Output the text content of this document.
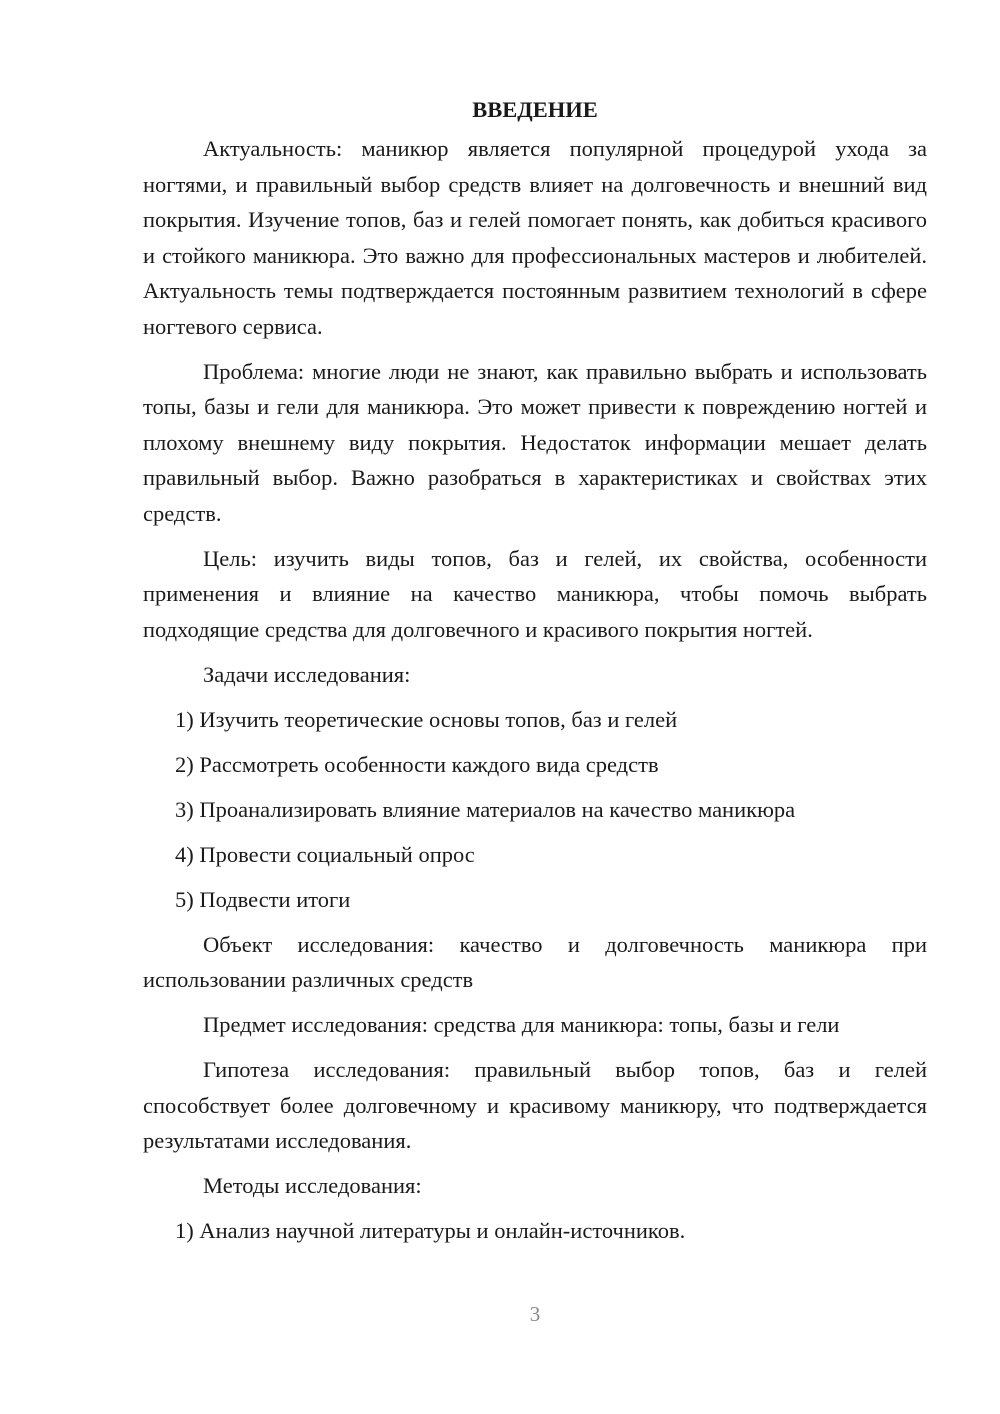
ВВЕДЕНИЕ

Актуальность: маникюр является популярной процедурой ухода за ногтями, и правильный выбор средств влияет на долговечность и внешний вид покрытия. Изучение топов, баз и гелей помогает понять, как добиться красивого и стойкого маникюра. Это важно для профессиональных мастеров и любителей. Актуальность темы подтверждается постоянным развитием технологий в сфере ногтевого сервиса.

Проблема: многие люди не знают, как правильно выбрать и использовать топы, базы и гели для маникюра. Это может привести к повреждению ногтей и плохому внешнему виду покрытия. Недостаток информации мешает делать правильный выбор. Важно разобраться в характеристиках и свойствах этих средств.

Цель: изучить виды топов, баз и гелей, их свойства, особенности применения и влияние на качество маникюра, чтобы помочь выбрать подходящие средства для долговечного и красивого покрытия ногтей.

Задачи исследования:

1) Изучить теоретические основы топов, баз и гелей
2) Рассмотреть особенности каждого вида средств
3) Проанализировать влияние материалов на качество маникюра
4) Провести социальный опрос
5) Подвести итоги

Объект исследования: качество и долговечность маникюра при использовании различных средств

Предмет исследования: средства для маникюра: топы, базы и гели

Гипотеза исследования: правильный выбор топов, баз и гелей способствует более долговечному и красивому маникюру, что подтверждается результатами исследования.

Методы исследования:

1) Анализ научной литературы и онлайн-источников.
3
